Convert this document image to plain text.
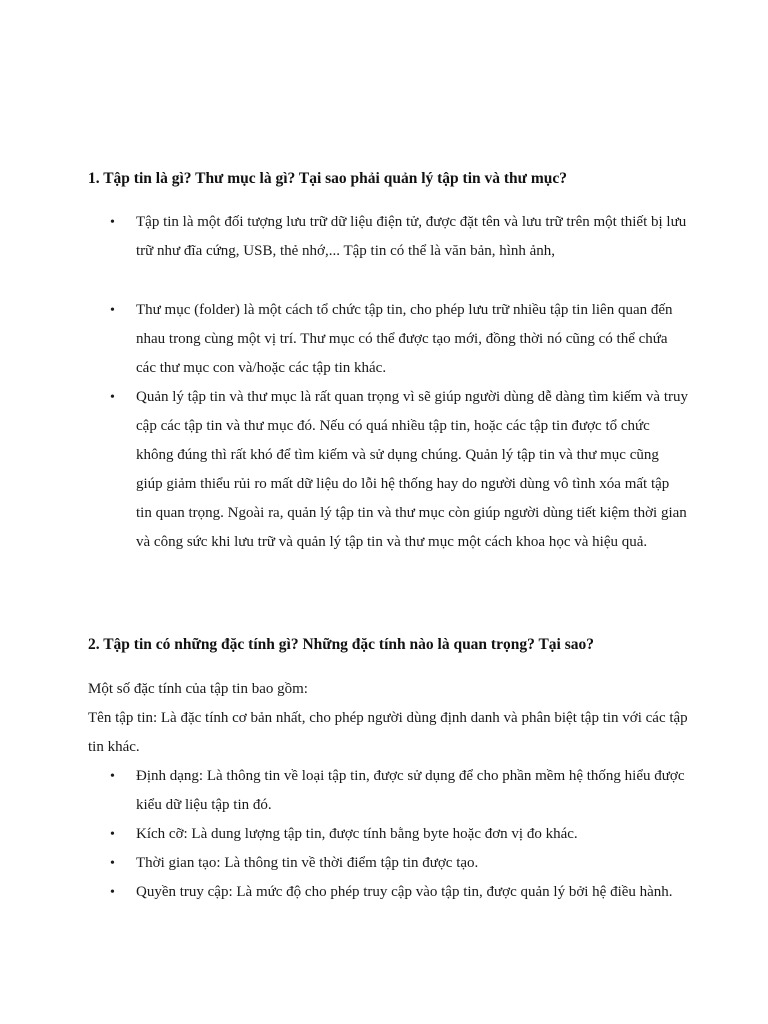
1. Tập tin là gì? Thư mục là gì? Tại sao phải quản lý tập tin và thư mục?
• Tập tin là một đối tượng lưu trữ dữ liệu điện tử, được đặt tên và lưu trữ trên một thiết bị lưu trữ như đĩa cứng, USB, thẻ nhớ,... Tập tin có thể là văn bản, hình ảnh,
• Thư mục (folder) là một cách tổ chức tập tin, cho phép lưu trữ nhiều tập tin liên quan đến nhau trong cùng một vị trí. Thư mục có thể được tạo mới, đồng thời nó cũng có thể chứa các thư mục con và/hoặc các tập tin khác.
• Quản lý tập tin và thư mục là rất quan trọng vì sẽ giúp người dùng dễ dàng tìm kiếm và truy cập các tập tin và thư mục đó. Nếu có quá nhiều tập tin, hoặc các tập tin được tổ chức không đúng thì rất khó để tìm kiếm và sử dụng chúng. Quản lý tập tin và thư mục cũng giúp giảm thiểu rủi ro mất dữ liệu do lỗi hệ thống hay do người dùng vô tình xóa mất tập tin quan trọng. Ngoài ra, quản lý tập tin và thư mục còn giúp người dùng tiết kiệm thời gian và công sức khi lưu trữ và quản lý tập tin và thư mục một cách khoa học và hiệu quả.
2. Tập tin có những đặc tính gì? Những đặc tính nào là quan trọng? Tại sao?

Một số đặc tính của tập tin bao gồm:

Tên tập tin: Là đặc tính cơ bản nhất, cho phép người dùng định danh và phân biệt tập tin với các tập tin khác.

• Định dạng: Là thông tin về loại tập tin, được sử dụng để cho phần mềm hệ thống hiểu được kiểu dữ liệu tập tin đó.
• Kích cỡ: Là dung lượng tập tin, được tính bằng byte hoặc đơn vị đo khác.
• Thời gian tạo: Là thông tin về thời điểm tập tin được tạo.
• Quyền truy cập: Là mức độ cho phép truy cập vào tập tin, được quản lý bởi hệ điều hành.
